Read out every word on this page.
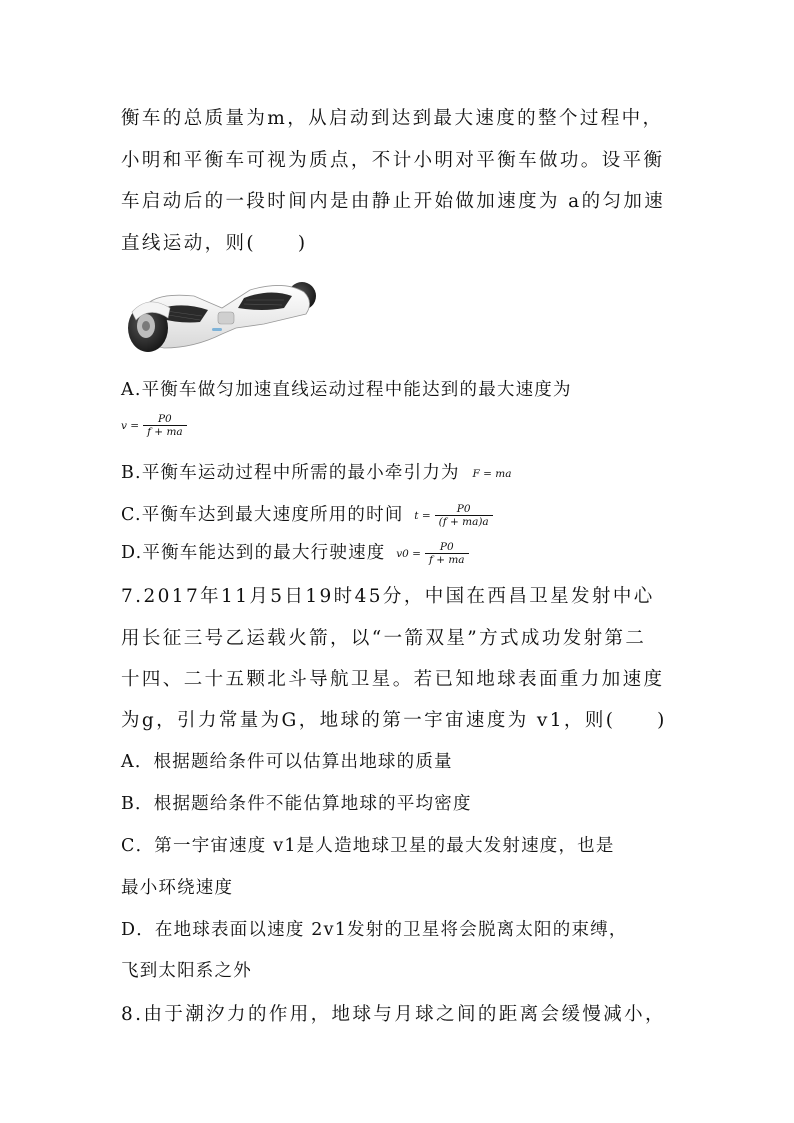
衡车的总质量为m，从启动到达到最大速度的整个过程中，
小明和平衡车可视为质点，不计小明对平衡车做功。设平衡
车启动后的一段时间内是由静止开始做加速度为 a的匀加速
直线运动，则(　　)
A.平衡车做匀加速直线运动过程中能达到的最大速度为
$v = \frac{P0}{f + ma}$
B.平衡车运动过程中所需的最小牵引力为 F = ma
C.平衡车达到最大速度所用的时间 $t = \frac{P0}{(f + ma)a}$
D.平衡车能达到的最大行驶速度 $v0 = \frac{P0}{f + ma}$
7.2017年11月5日19时45分，中国在西昌卫星发射中心
用长征三号乙运载火箭，以“一箭双星”方式成功发射第二
十四、二十五颗北斗导航卫星。若已知地球表面重力加速度
为g，引力常量为G，地球的第一宇宙速度为 v1，则(　　)
A．根据题给条件可以估算出地球的质量
B．根据题给条件不能估算地球的平均密度
C．第一宇宙速度 v1是人造地球卫星的最大发射速度，也是
最小环绕速度
D．在地球表面以速度 2v1发射的卫星将会脱离太阳的束缚，
飞到太阳系之外
8.由于潮汐力的作用，地球与月球之间的距离会缓慢减小，
